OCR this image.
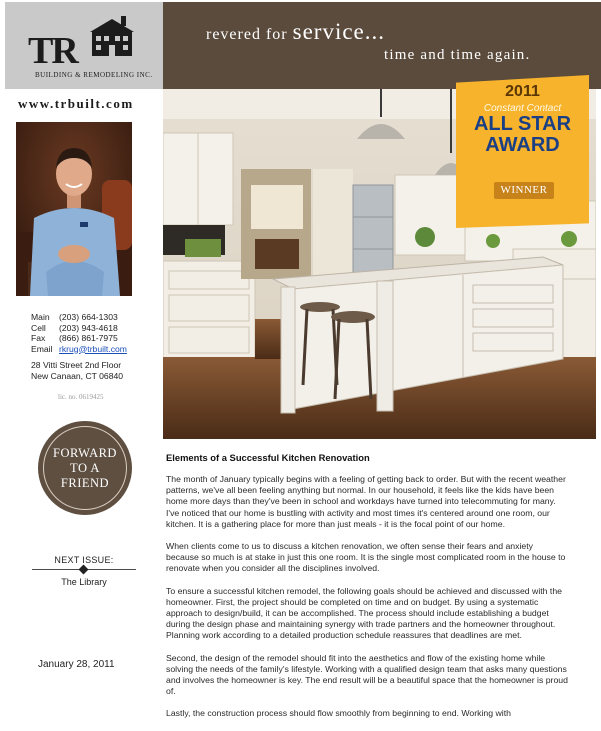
TR
BUILDING & REMODELING INC.
www.trbuilt.com
Main (203) 664-1303
Cell (203) 943-4618
Fax (866) 861-7975
Email rkrug@trbuilt.com
28 Vitti Street 2nd Floor
New Canaan, CT 06840
lic. no. 0619425
FORWARD
TO A
FRIEND
NEXT ISSUE:
The Library
January 28, 2011
revered for service...
time and time again.
2011
Constant Contact
ALL STAR
AWARD
WINNER
Elements of a Successful Kitchen Renovation

The month of January typically begins with a feeling of getting back to order. But with the recent weather patterns, we've all been feeling anything but normal. In our household, it feels like the kids have been home more days than they've been in school and workdays have turned into telecommuting for many. I've noticed that our home is bustling with activity and most times it's centered around one room, our kitchen. It is a gathering place for more than just meals - it is the focal point of our home.

When clients come to us to discuss a kitchen renovation, we often sense their fears and anxiety because so much is at stake in just this one room. It is the single most complicated room in the house to renovate when you consider all the disciplines involved.

To ensure a successful kitchen remodel, the following goals should be achieved and discussed with the homeowner. First, the project should be completed on time and on budget. By using a systematic approach to design/build, it can be accomplished. The process should include establishing a budget during the design phase and maintaining synergy with trade partners and the homeowner throughout. Planning work according to a detailed production schedule reassures that deadlines are met.

Second, the design of the remodel should fit into the aesthetics and flow of the existing home while solving the needs of the family's lifestyle. Working with a qualified design team that asks many questions and involves the homeowner is key. The end result will be a beautiful space that the homeowner is proud of.

Lastly, the construction process should flow smoothly from beginning to end. Working with
